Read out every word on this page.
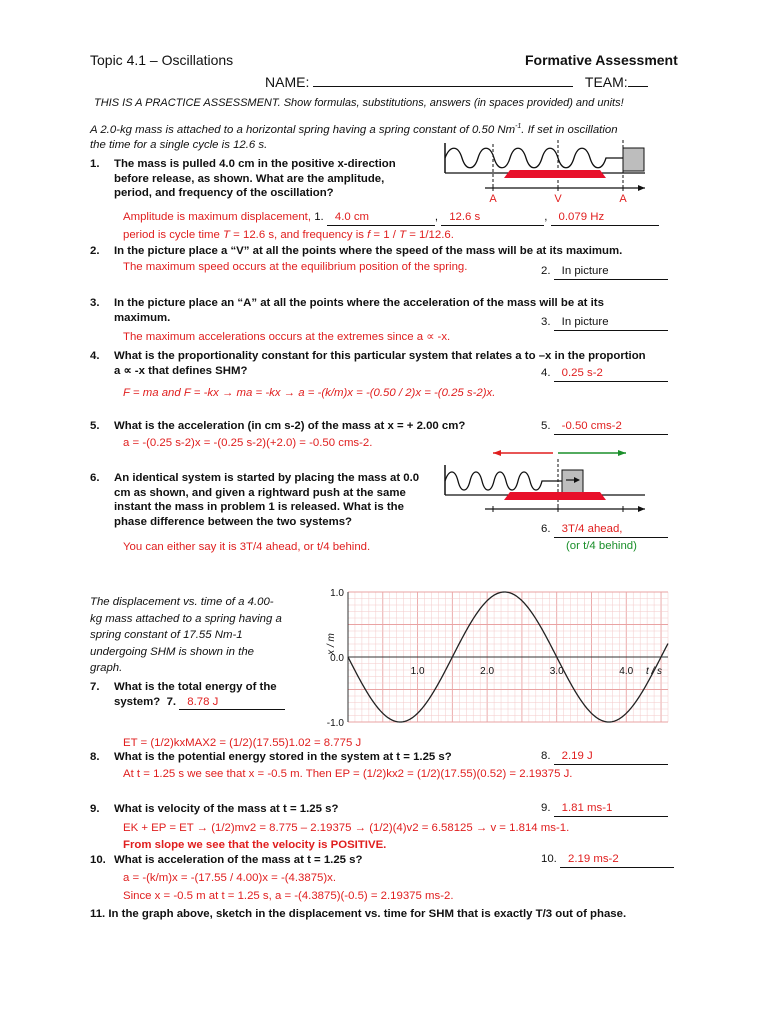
Topic 4.1 – Oscillations	Formative Assessment
NAME:	TEAM:
THIS IS A PRACTICE ASSESSMENT. Show formulas, substitutions, answers (in spaces provided) and units!
A 2.0-kg mass is attached to a horizontal spring having a spring constant of 0.50 $Nm^{-1}$. If set in oscillation
the time for a single cycle is 12.6 s.
1. The mass is pulled 4.0 cm in the positive x-direction
before release, as shown. What are the amplitude,
period, and frequency of the oscillation?
Amplitude is maximum displacement, 1. 4.0 cm	, 12.6 s	, 0.079 Hz
period is cycle time T = 12.6 s, and frequency is f = 1 / T = 1/12.6.
A	V	A
2. In the picture place a “V” at all the points where the speed of the mass will be at its maximum.
The maximum speed occurs at the equilibrium position of the spring.	2. In picture
3. In the picture place an “A” at all the points where the acceleration of the mass will be at its
maximum.
The maximum accelerations occurs at the extremes since a ∝ -x.
3. In picture
4. What is the proportionality constant for this particular system that relates a to –x in the proportion
a ∝ -x that defines SHM?
F = ma and F = -kx → ma = -kx → a = -(k/m)x = -(0.50 / 2)x = -(0.25 s-2)x.
4. 0.25 s-2
5. What is the acceleration (in cm s-2) of the mass at x = + 2.00 cm?
a = -(0.25 s-2)x = -(0.25 s-2)(+2.0) = -0.50 cms-2.
5. -0.50 cms-2
6. An identical system is started by placing the mass at 0.0
cm as shown, and given a rightward push at the same
instant the mass in problem 1 is released. What is the
phase difference between the two systems?
You can either say it is 3T/4 ahead, or t/4 behind.
6. 3T/4 ahead,
(or t/4 behind)
The displacement vs. time of a 4.00-
kg mass attached to a spring having a
spring constant of 17.55 Nm-1
undergoing SHM is shown in the
graph.
7. What is the total energy of the
system? 7. 8.78 J
ET = (1/2)kxMAX2 = (1/2)(17.55)1.02 = 8.775 J
1.0
0.0
-1.0
1.0	2.0	3.0	4.0 t / s
x / m
8. What is the potential energy stored in the system at t = 1.25 s?
At t = 1.25 s we see that x = -0.5 m. Then EP = (1/2)kx2 = (1/2)(17.55)(0.52) = 2.19375 J.
8. 2.19 J
9. What is velocity of the mass at t = 1.25 s?
EK + EP = ET → (1/2)mv2 = 8.775 – 2.19375 → (1/2)(4)v2 = 6.58125 → v = 1.814 ms-1.
From slope we see that the velocity is POSITIVE.
9. 1.81 ms-1
10. What is acceleration of the mass at t = 1.25 s?
a = -(k/m)x = -(17.55 / 4.00)x = -(4.3875)x.
Since x = -0.5 m at t = 1.25 s, a = -(4.3875)(-0.5) = 2.19375 ms-2.
10. 2.19 ms-2
11. In the graph above, sketch in the displacement vs. time for SHM that is exactly T/3 out of phase.
